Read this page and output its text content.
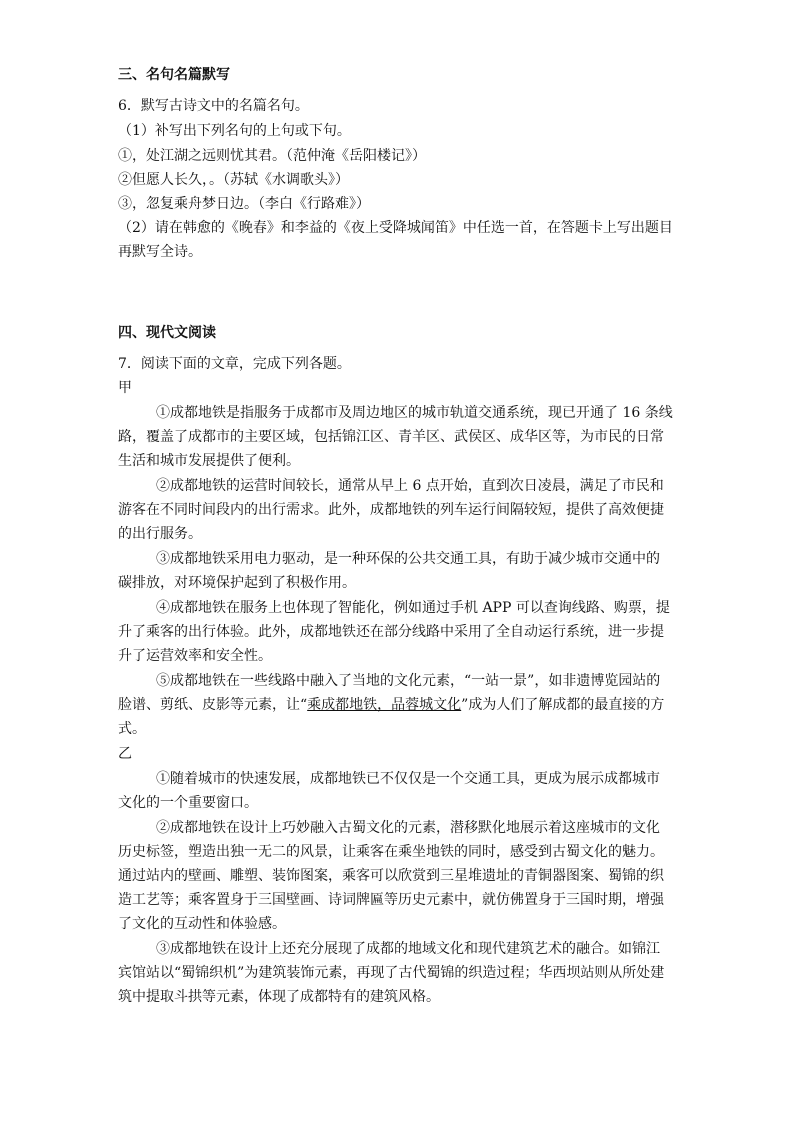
三、名句名篇默写
6．默写古诗文中的名篇名句。
（1）补写出下列名句的上句或下句。
①，处江湖之远则忧其君。（范仲淹《岳阳楼记》）
②但愿人长久，。（苏轼《水调歌头》）
③，忽复乘舟梦日边。（李白《行路难》）
（2）请在韩愈的《晚春》和李益的《夜上受降城闻笛》中任选一首，在答题卡上写出题目
再默写全诗。
四、现代文阅读
7．阅读下面的文章，完成下列各题。
甲
①成都地铁是指服务于成都市及周边地区的城市轨道交通系统，现已开通了 16 条线
路，覆盖了成都市的主要区域，包括锦江区、青羊区、武侯区、成华区等，为市民的日常
生活和城市发展提供了便利。
②成都地铁的运营时间较长，通常从早上 6 点开始，直到次日凌晨，满足了市民和
游客在不同时间段内的出行需求。此外，成都地铁的列车运行间隔较短，提供了高效便捷
的出行服务。
③成都地铁采用电力驱动，是一种环保的公共交通工具，有助于减少城市交通中的
碳排放，对环境保护起到了积极作用。
④成都地铁在服务上也体现了智能化，例如通过手机 APP 可以查询线路、购票，提
升了乘客的出行体验。此外，成都地铁还在部分线路中采用了全自动运行系统，进一步提
升了运营效率和安全性。
⑤成都地铁在一些线路中融入了当地的文化元素，“一站一景”，如非遗博览园站的
脸谱、剪纸、皮影等元素，让“乘成都地铁，品蓉城文化”成为人们了解成都的最直接的方
式。
乙
①随着城市的快速发展，成都地铁已不仅仅是一个交通工具，更成为展示成都城市
文化的一个重要窗口。
②成都地铁在设计上巧妙融入古蜀文化的元素，潜移默化地展示着这座城市的文化
历史标签，塑造出独一无二的风景，让乘客在乘坐地铁的同时，感受到古蜀文化的魅力。
通过站内的壁画、雕塑、装饰图案，乘客可以欣赏到三星堆遗址的青铜器图案、蜀锦的织
造工艺等；乘客置身于三国壁画、诗词牌匾等历史元素中，就仿佛置身于三国时期，增强
了文化的互动性和体验感。
③成都地铁在设计上还充分展现了成都的地域文化和现代建筑艺术的融合。如锦江
宾馆站以“蜀锦织机”为建筑装饰元素，再现了古代蜀锦的织造过程；华西坝站则从所处建
筑中提取斗拱等元素，体现了成都特有的建筑风格。
